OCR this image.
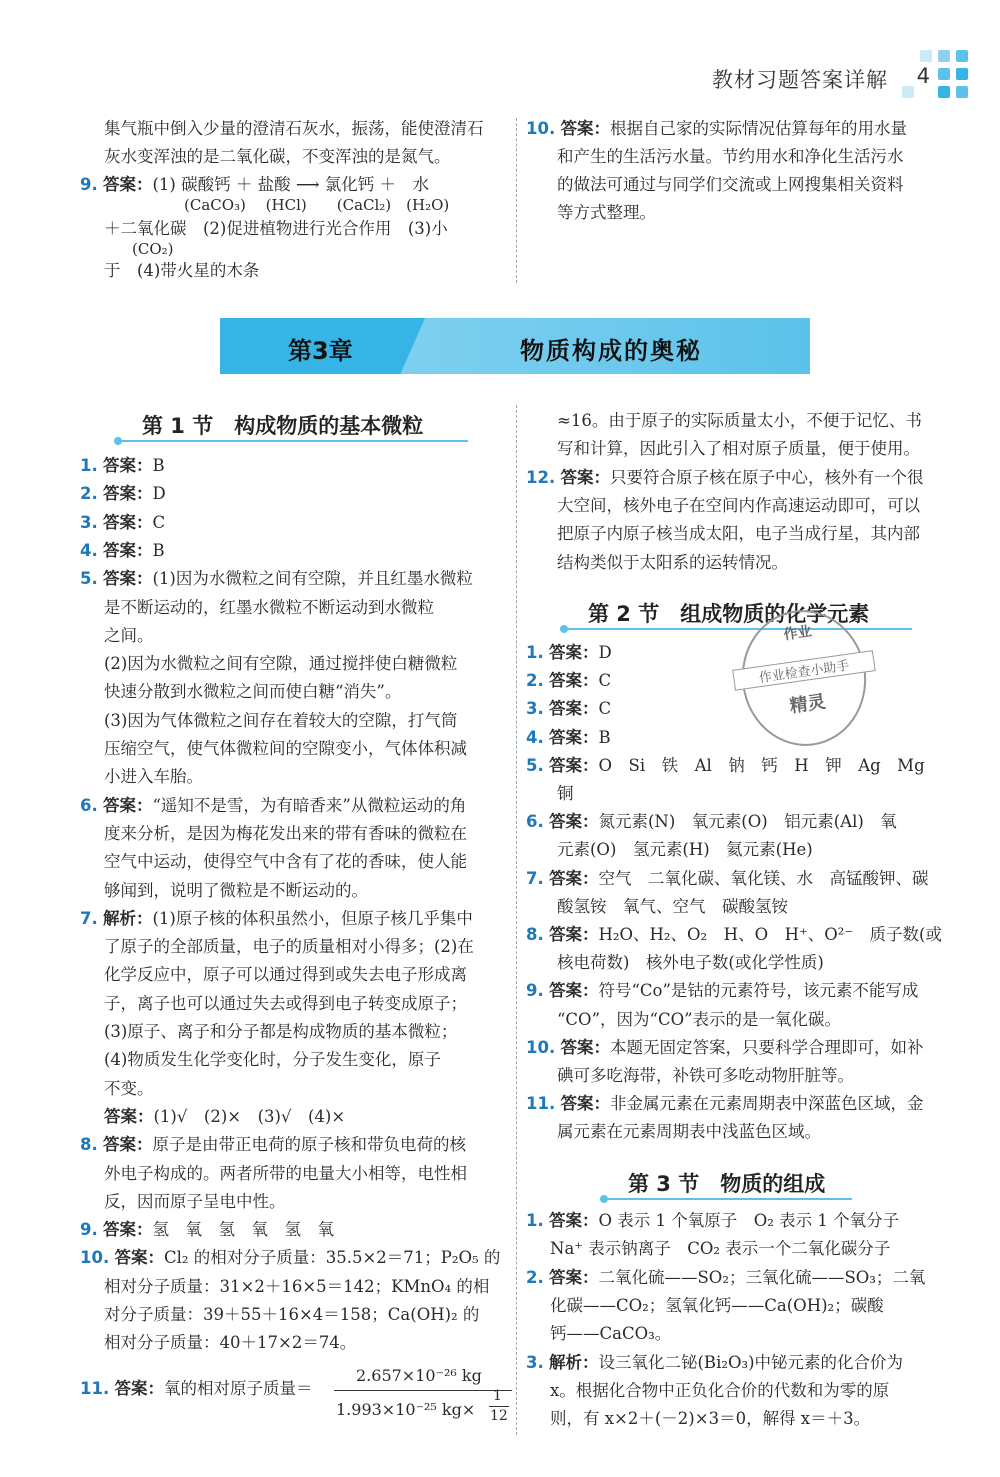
教材习题答案详解 4
集气瓶中倒入少量的澄清石灰水，振荡，能使澄清石
灰水变浑浊的是二氧化碳，不变浑浊的是氮气。
9. 答案：(1) 碳酸钙 ＋ 盐酸 ⟶ 氯化钙 ＋　水
(CaCO₃)　 (HCl)　　(CaCl₂)　(H₂O)
＋二氧化碳　(2)促进植物进行光合作用　(3)小
(CO₂)
于　(4)带火星的木条
10. 答案：根据自己家的实际情况估算每年的用水量
和产生的生活污水量。节约用水和净化生活污水
的做法可通过与同学们交流或上网搜集相关资料
等方式整理。
第3章	物质构成的奥秘
第 1 节　构成物质的基本微粒
1. 答案：B
2. 答案：D
3. 答案：C
4. 答案：B
5. 答案：(1)因为水微粒之间有空隙，并且红墨水微粒
是不断运动的，红墨水微粒不断运动到水微粒
之间。
(2)因为水微粒之间有空隙，通过搅拌使白糖微粒
快速分散到水微粒之间而使白糖“消失”。
(3)因为气体微粒之间存在着较大的空隙，打气筒
压缩空气，使气体微粒间的空隙变小，气体体积减
小进入车胎。
6. 答案：“遥知不是雪，为有暗香来”从微粒运动的角
度来分析，是因为梅花发出来的带有香味的微粒在
空气中运动，使得空气中含有了花的香味，使人能
够闻到，说明了微粒是不断运动的。
7. 解析：(1)原子核的体积虽然小，但原子核几乎集中
了原子的全部质量，电子的质量相对小得多；(2)在
化学反应中，原子可以通过得到或失去电子形成离
子，离子也可以通过失去或得到电子转变成原子；
(3)原子、离子和分子都是构成物质的基本微粒；
(4)物质发生化学变化时，分子发生变化，原子
不变。
答案：(1)√　(2)×　(3)√　(4)×
8. 答案：原子是由带正电荷的原子核和带负电荷的核
外电子构成的。两者所带的电量大小相等，电性相
反，因而原子呈电中性。
9. 答案：氢　氧　氢　氧　氢　氧
10. 答案：Cl₂ 的相对分子质量：35.5×2＝71；P₂O₅ 的
相对分子质量：31×2＋16×5＝142；KMnO₄ 的相
对分子质量：39＋55＋16×4＝158；Ca(OH)₂ 的
相对分子质量：40＋17×2＝74。
11. 答案：氧的相对原子质量＝
2.657×10⁻²⁶ kg
1.993×10⁻²⁵ kg×
1
12
≈16。由于原子的实际质量太小，不便于记忆、书
写和计算，因此引入了相对原子质量，便于使用。
12. 答案：只要符合原子核在原子中心，核外有一个很
大空间，核外电子在空间内作高速运动即可，可以
把原子内原子核当成太阳，电子当成行星，其内部
结构类似于太阳系的运转情况。
1. 答案：D
2. 答案：C
3. 答案：C
4. 答案：B
5. 答案：O　Si　铁　Al　钠　钙　H　钾　Ag　Mg
铜
6. 答案：氮元素(N)　氧元素(O)　铝元素(Al)　氧
元素(O)　氢元素(H)　氦元素(He)
7. 答案：空气　二氧化碳、氧化镁、水　高锰酸钾、碳
酸氢铵　氧气、空气　碳酸氢铵
8. 答案：H₂O、H₂、O₂　H、O　H⁺、O²⁻　质子数(或
核电荷数)　核外电子数(或化学性质)
9. 答案：符号“Co”是钴的元素符号，该元素不能写成
“CO”，因为“CO”表示的是一氧化碳。
10. 答案：本题无固定答案，只要科学合理即可，如补
碘可多吃海带，补铁可多吃动物肝脏等。
11. 答案：非金属元素在元素周期表中深蓝色区域，金
属元素在元素周期表中浅蓝色区域。
1. 答案：O 表示 1 个氧原子　O₂ 表示 1 个氧分子
Na⁺ 表示钠离子　CO₂ 表示一个二氧化碳分子
2. 答案：二氧化硫——SO₂；三氧化硫——SO₃；二氧
化碳——CO₂；氢氧化钙——Ca(OH)₂；碳酸
钙——CaCO₃。
3. 解析：设三氧化二铋(Bi₂O₃)中铋元素的化合价为
x。根据化合物中正负化合价的代数和为零的原
则，有 x×2＋(－2)×3＝0，解得 x＝＋3。
第 2 节　组成物质的化学元素
作业
作业检查小助手
精灵
第 3 节　物质的组成
